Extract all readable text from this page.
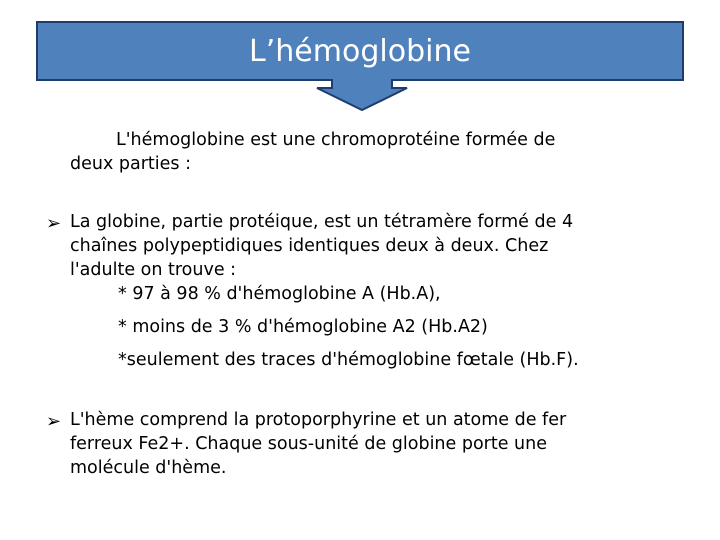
L’hémoglobine
L'hémoglobine est une chromoprotéine formée de
deux parties :
➢ La globine, partie protéique, est un tétramère formé de 4
chaînes polypeptidiques identiques deux à deux. Chez
l'adulte on trouve :
* 97 à 98 % d'hémoglobine A (Hb.A),
* moins de 3 % d'hémoglobine A2 (Hb.A2)
*seulement des traces d'hémoglobine fœtale (Hb.F).
➢ L'hème comprend la protoporphyrine et un atome de fer
ferreux Fe2+. Chaque sous-unité de globine porte une
molécule d'hème.
